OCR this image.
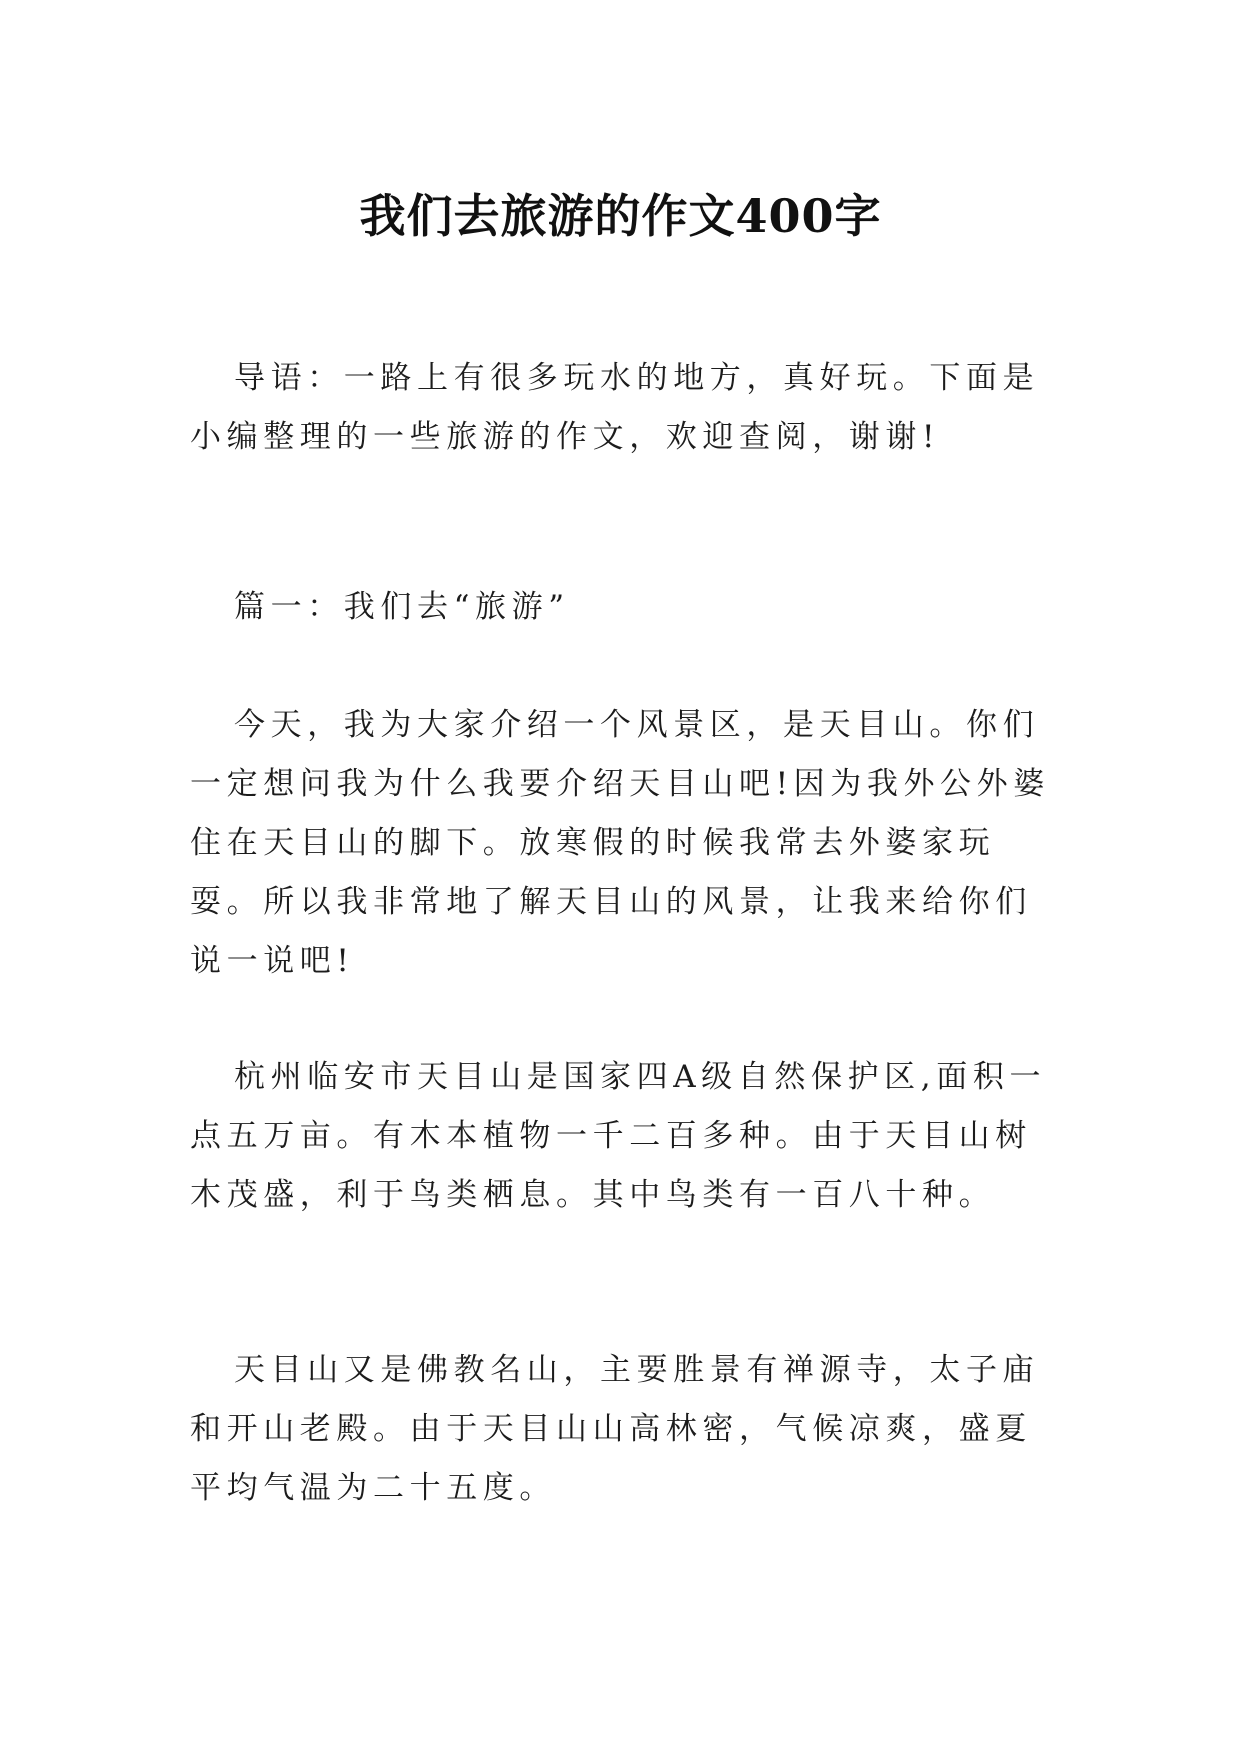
我们去旅游的作文400字

导语：一路上有很多玩水的地方，真好玩。下面是小编整理的一些旅游的作文，欢迎查阅，谢谢!

篇一：我们去“旅游”

今天，我为大家介绍一个风景区，是天目山。你们一定想问我为什么我要介绍天目山吧!因为我外公外婆住在天目山的脚下。放寒假的时候我常去外婆家玩耍。所以我非常地了解天目山的风景，让我来给你们说一说吧!

杭州临安市天目山是国家四A级自然保护区,面积一点五万亩。有木本植物一千二百多种。由于天目山树木茂盛，利于鸟类栖息。其中鸟类有一百八十种。

天目山又是佛教名山，主要胜景有禅源寺，太子庙和开山老殿。由于天目山山高林密，气候凉爽，盛夏平均气温为二十五度。
